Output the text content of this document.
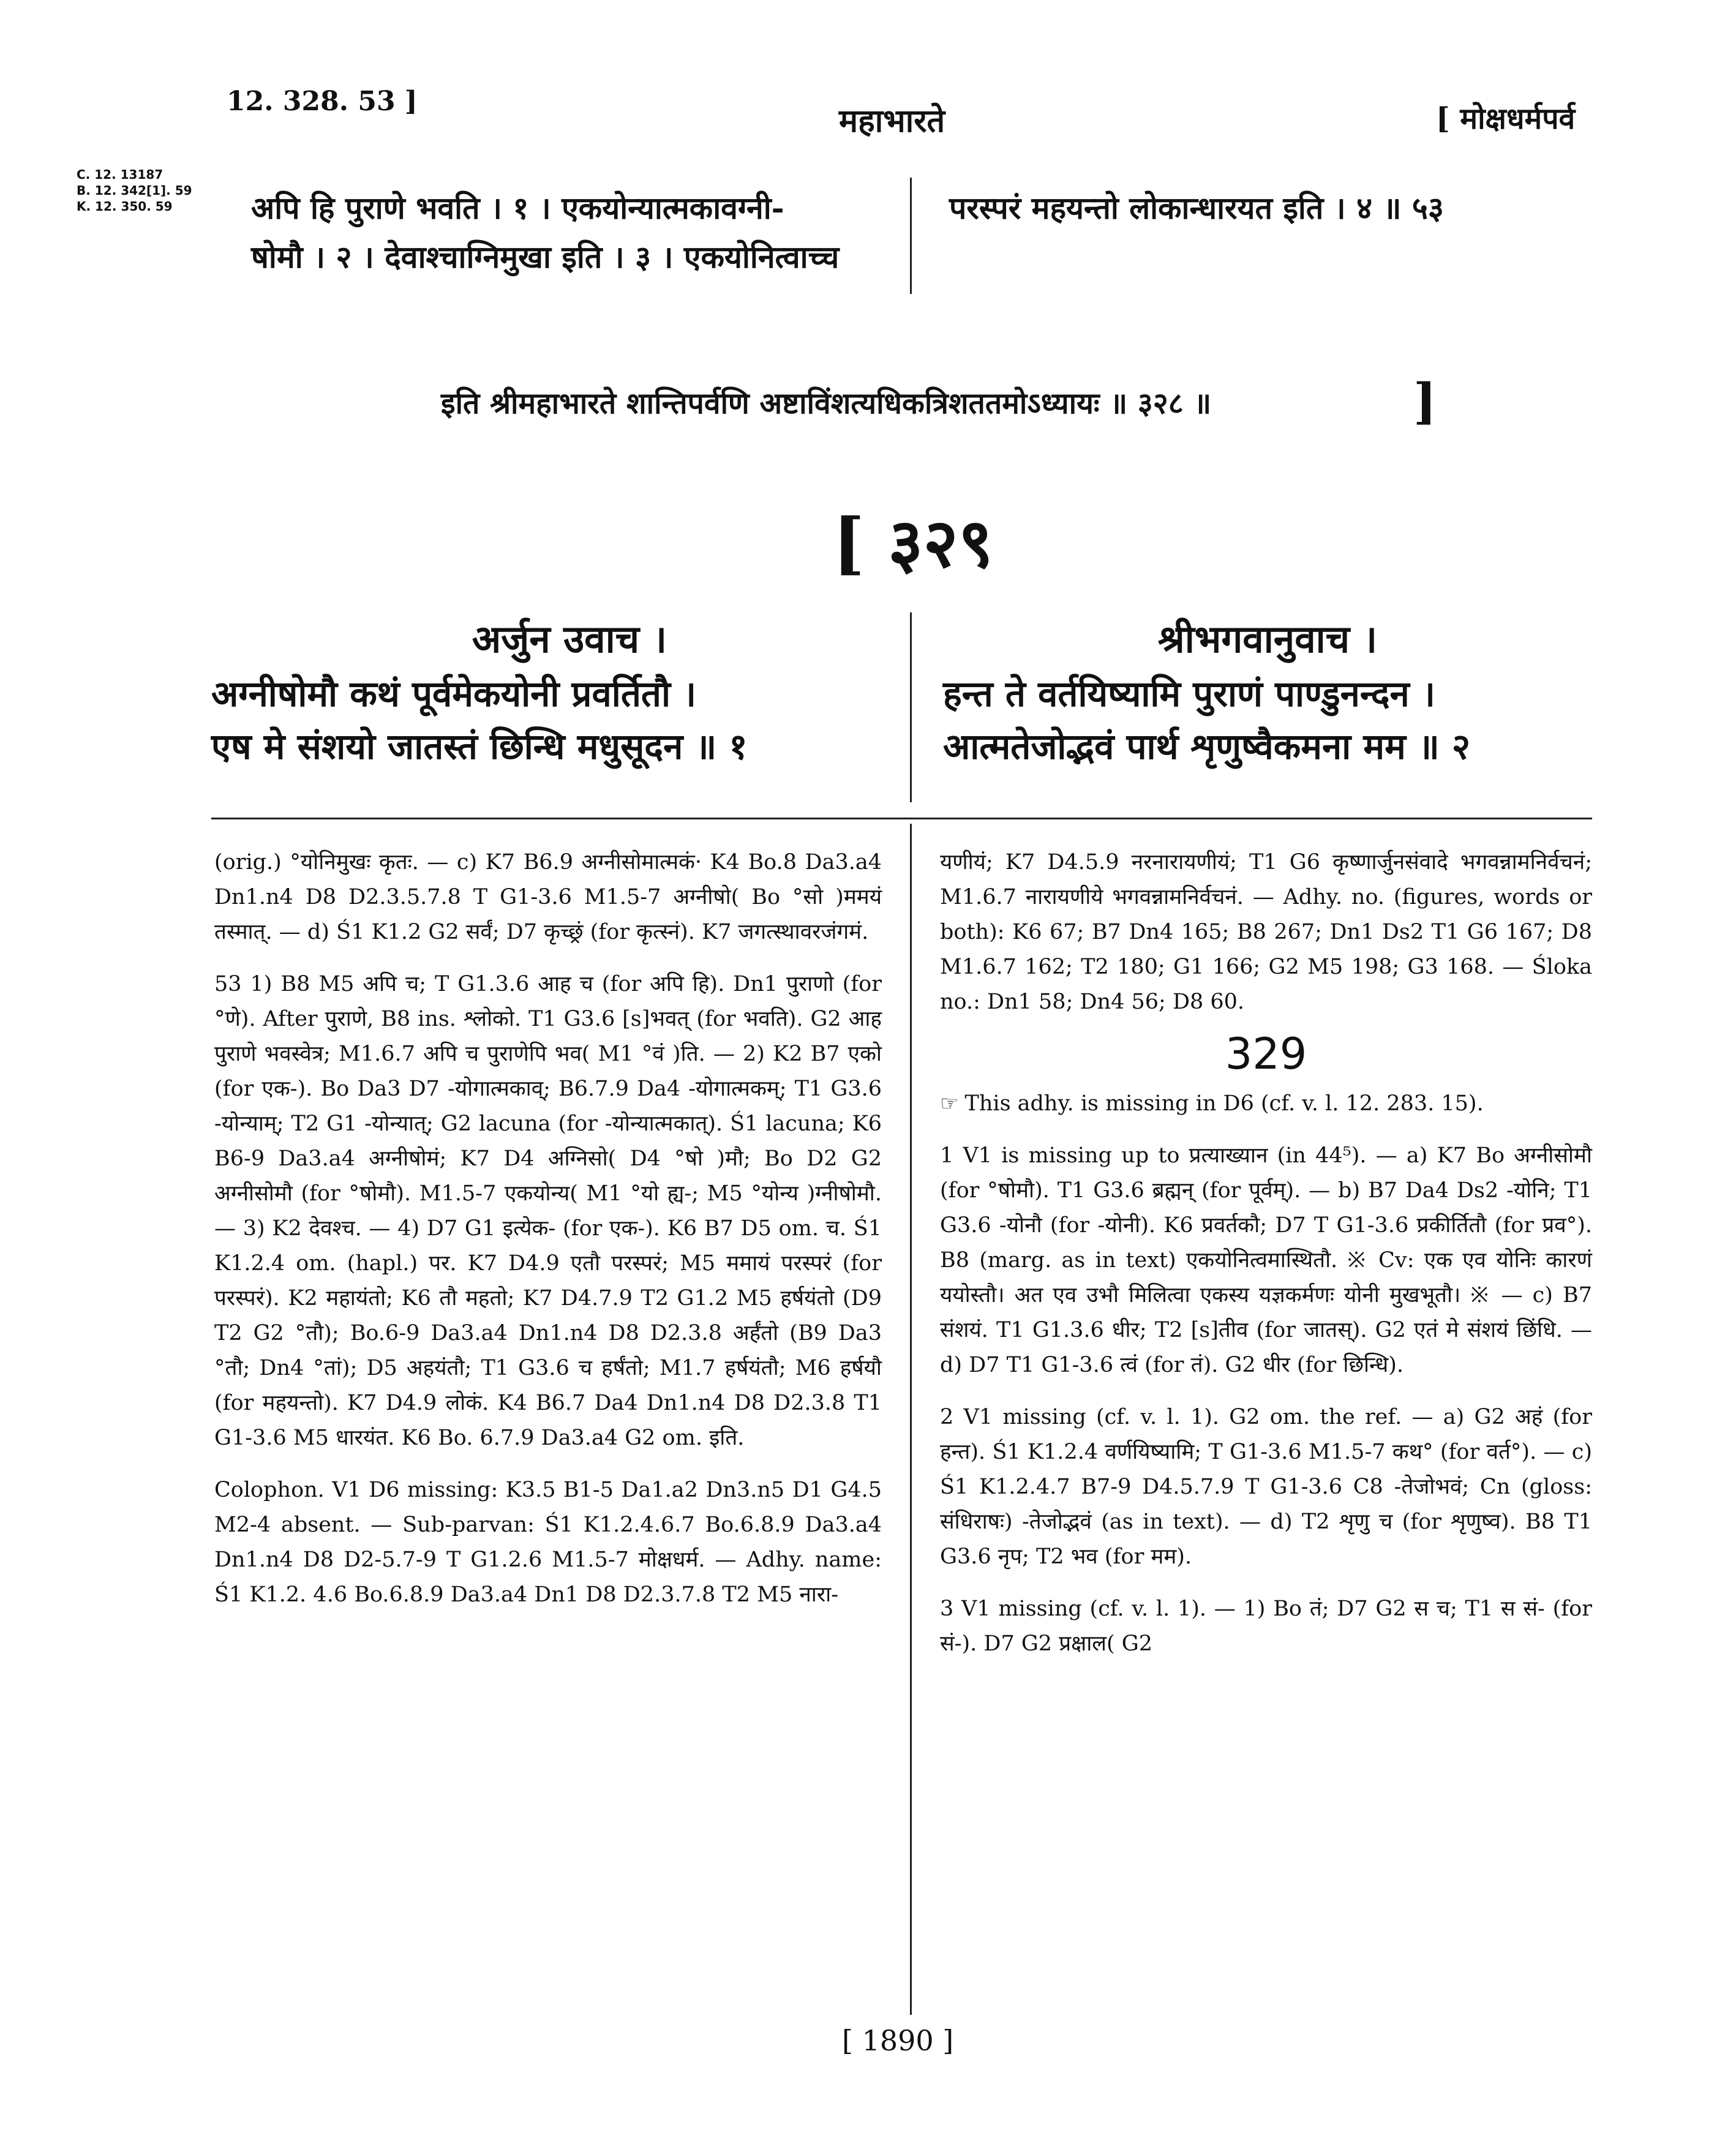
12. 328. 53 ]
महाभारते	[ मोक्षधर्मपर्व
C. 12. 13187
B. 12. 342[1]. 59
K. 12. 350. 59	अपि हि पुराणे भवति । १ । एकयोन्यात्मकावग्नी-
षोमौ । २ । देवाश्चाग्निमुखा इति । ३ । एकयोनित्वाच्च
परस्परं महयन्तो लोकान्धारयत इति । ४ ॥ ५३
इति श्रीमहाभारते शान्तिपर्वणि अष्टाविंशत्यधिकत्रिशततमोऽध्यायः ॥ ३२८ ॥	]
[ ३२९
अर्जुन उवाच ।
अग्नीषोमौ कथं पूर्वमेकयोनी प्रवर्तितौ ।
एष मे संशयो जातस्तं छिन्धि मधुसूदन ॥ १
श्रीभगवानुवाच ।
हन्त ते वर्तयिष्यामि पुराणं पाण्डुनन्दन ।
आत्मतेजोद्भवं पार्थ शृणुष्वैकमना मम ॥ २

(orig.) °योनिमुखः कृतः. — c) K7 B6.9 अग्नीसोमात्मकं· K4 Bo.8 Da3.a4 Dn1.n4 D8 D2.3.5.7.8 T G1-3.6 M1.5-7 अग्नीषो( Bo °सो )ममयं तस्मात्. — d) Ś1 K1.2 G2 सर्वं; D7 कृच्छ्रं (for कृत्स्नं). K7 जगत्स्थावरजंगमं.

53 1) B8 M5 अपि च; T G1.3.6 आह च (for अपि हि). Dn1 पुराणो (for °णे). After पुराणे, B8 ins. श्लोको. T1 G3.6 [s]भवत् (for भवति). G2 आह पुराणे भवस्वेत्र; M1.6.7 अपि च पुराणेपि भव( M1 °वं )ति. — 2) K2 B7 एको (for एक-). Bo Da3 D7 -योगात्मकाव्; B6.7.9 Da4 -योगात्मकम्; T1 G3.6 -योन्याम्; T2 G1 -योन्यात्; G2 lacuna (for -योन्यात्मकात्). Ś1 lacuna; K6 B6-9 Da3.a4 अग्नीषोमं; K7 D4 अग्निसो( D4 °षो )मौ; Bo D2 G2 अग्नीसोमौ (for °षोमौ). M1.5-7 एकयोन्य( M1 °यो ह्य-; M5 °योन्य )ग्नीषोमौ. — 3) K2 देवश्च. — 4) D7 G1 इत्येक- (for एक-). K6 B7 D5 om. च. Ś1 K1.2.4 om. (hapl.) पर. K7 D4.9 एतौ परस्परं; M5 ममायं परस्परं (for परस्परं). K2 महायंतो; K6 तौ महतो; K7 D4.7.9 T2 G1.2 M5 हर्षयंतो (D9 T2 G2 °तौ); Bo.6-9 Da3.a4 Dn1.n4 D8 D2.3.8 अर्हंतो (B9 Da3 °तौ; Dn4 °तां); D5 अहयंतौ; T1 G3.6 च हर्षंतो; M1.7 हर्षयंतौ; M6 हर्षयौ (for महयन्तो). K7 D4.9 लोकं. K4 B6.7 Da4 Dn1.n4 D8 D2.3.8 T1 G1-3.6 M5 धारयंत. K6 Bo. 6.7.9 Da3.a4 G2 om. इति.

Colophon. V1 D6 missing: K3.5 B1-5 Da1.a2 Dn3.n5 D1 G4.5 M2-4 absent. — Sub-parvan: Ś1 K1.2.4.6.7 Bo.6.8.9 Da3.a4 Dn1.n4 D8 D2-5.7-9 T G1.2.6 M1.5-7 मोक्षधर्म. — Adhy. name: Ś1 K1.2. 4.6 Bo.6.8.9 Da3.a4 Dn1 D8 D2.3.7.8 T2 M5 नारा-

यणीयं; K7 D4.5.9 नरनारायणीयं; T1 G6 कृष्णार्जुनसंवादे भगवन्नामनिर्वचनं; M1.6.7 नारायणीये भगवन्नामनिर्वचनं. — Adhy. no. (figures, words or both): K6 67; B7 Dn4 165; B8 267; Dn1 Ds2 T1 G6 167; D8 M1.6.7 162; T2 180; G1 166; G2 M5 198; G3 168. — Śloka no.: Dn1 58; Dn4 56; D8 60.

329

☞ This adhy. is missing in D6 (cf. v. l. 12. 283. 15).

1 V1 is missing up to प्रत्याख्यान (in 44⁵). — a) K7 Bo अग्नीसोमौ (for °षोमौ). T1 G3.6 ब्रह्मन् (for पूर्वम्). — b) B7 Da4 Ds2 -योनि; T1 G3.6 -योनौ (for -योनी). K6 प्रवर्तकौ; D7 T G1-3.6 प्रकीर्तितौ (for प्रव°). B8 (marg. as in text) एकयोनित्वमास्थितौ. ※ Cv: एक एव योनिः कारणं ययोस्तौ। अत एव उभौ मिलित्वा एकस्य यज्ञकर्मणः योनी मुखभूतौ। ※ — c) B7 संशयं. T1 G1.3.6 धीर; T2 [s]तीव (for जातस्). G2 एतं मे संशयं छिंधि. — d) D7 T1 G1-3.6 त्वं (for तं). G2 धीर (for छिन्धि).

2 V1 missing (cf. v. l. 1). G2 om. the ref. — a) G2 अहं (for हन्त). Ś1 K1.2.4 वर्णयिष्यामि; T G1-3.6 M1.5-7 कथ° (for वर्त°). — c) Ś1 K1.2.4.7 B7-9 D4.5.7.9 T G1-3.6 C8 -तेजोभवं; Cn (gloss: संधिराषः) -तेजोद्भवं (as in text). — d) T2 शृणु च (for शृणुष्व). B8 T1 G3.6 नृप; T2 भव (for मम).

3 V1 missing (cf. v. l. 1). — 1) Bo तं; D7 G2 स च; T1 स सं- (for सं-). D7 G2 प्रक्षाल( G2

[ 1890 ]
